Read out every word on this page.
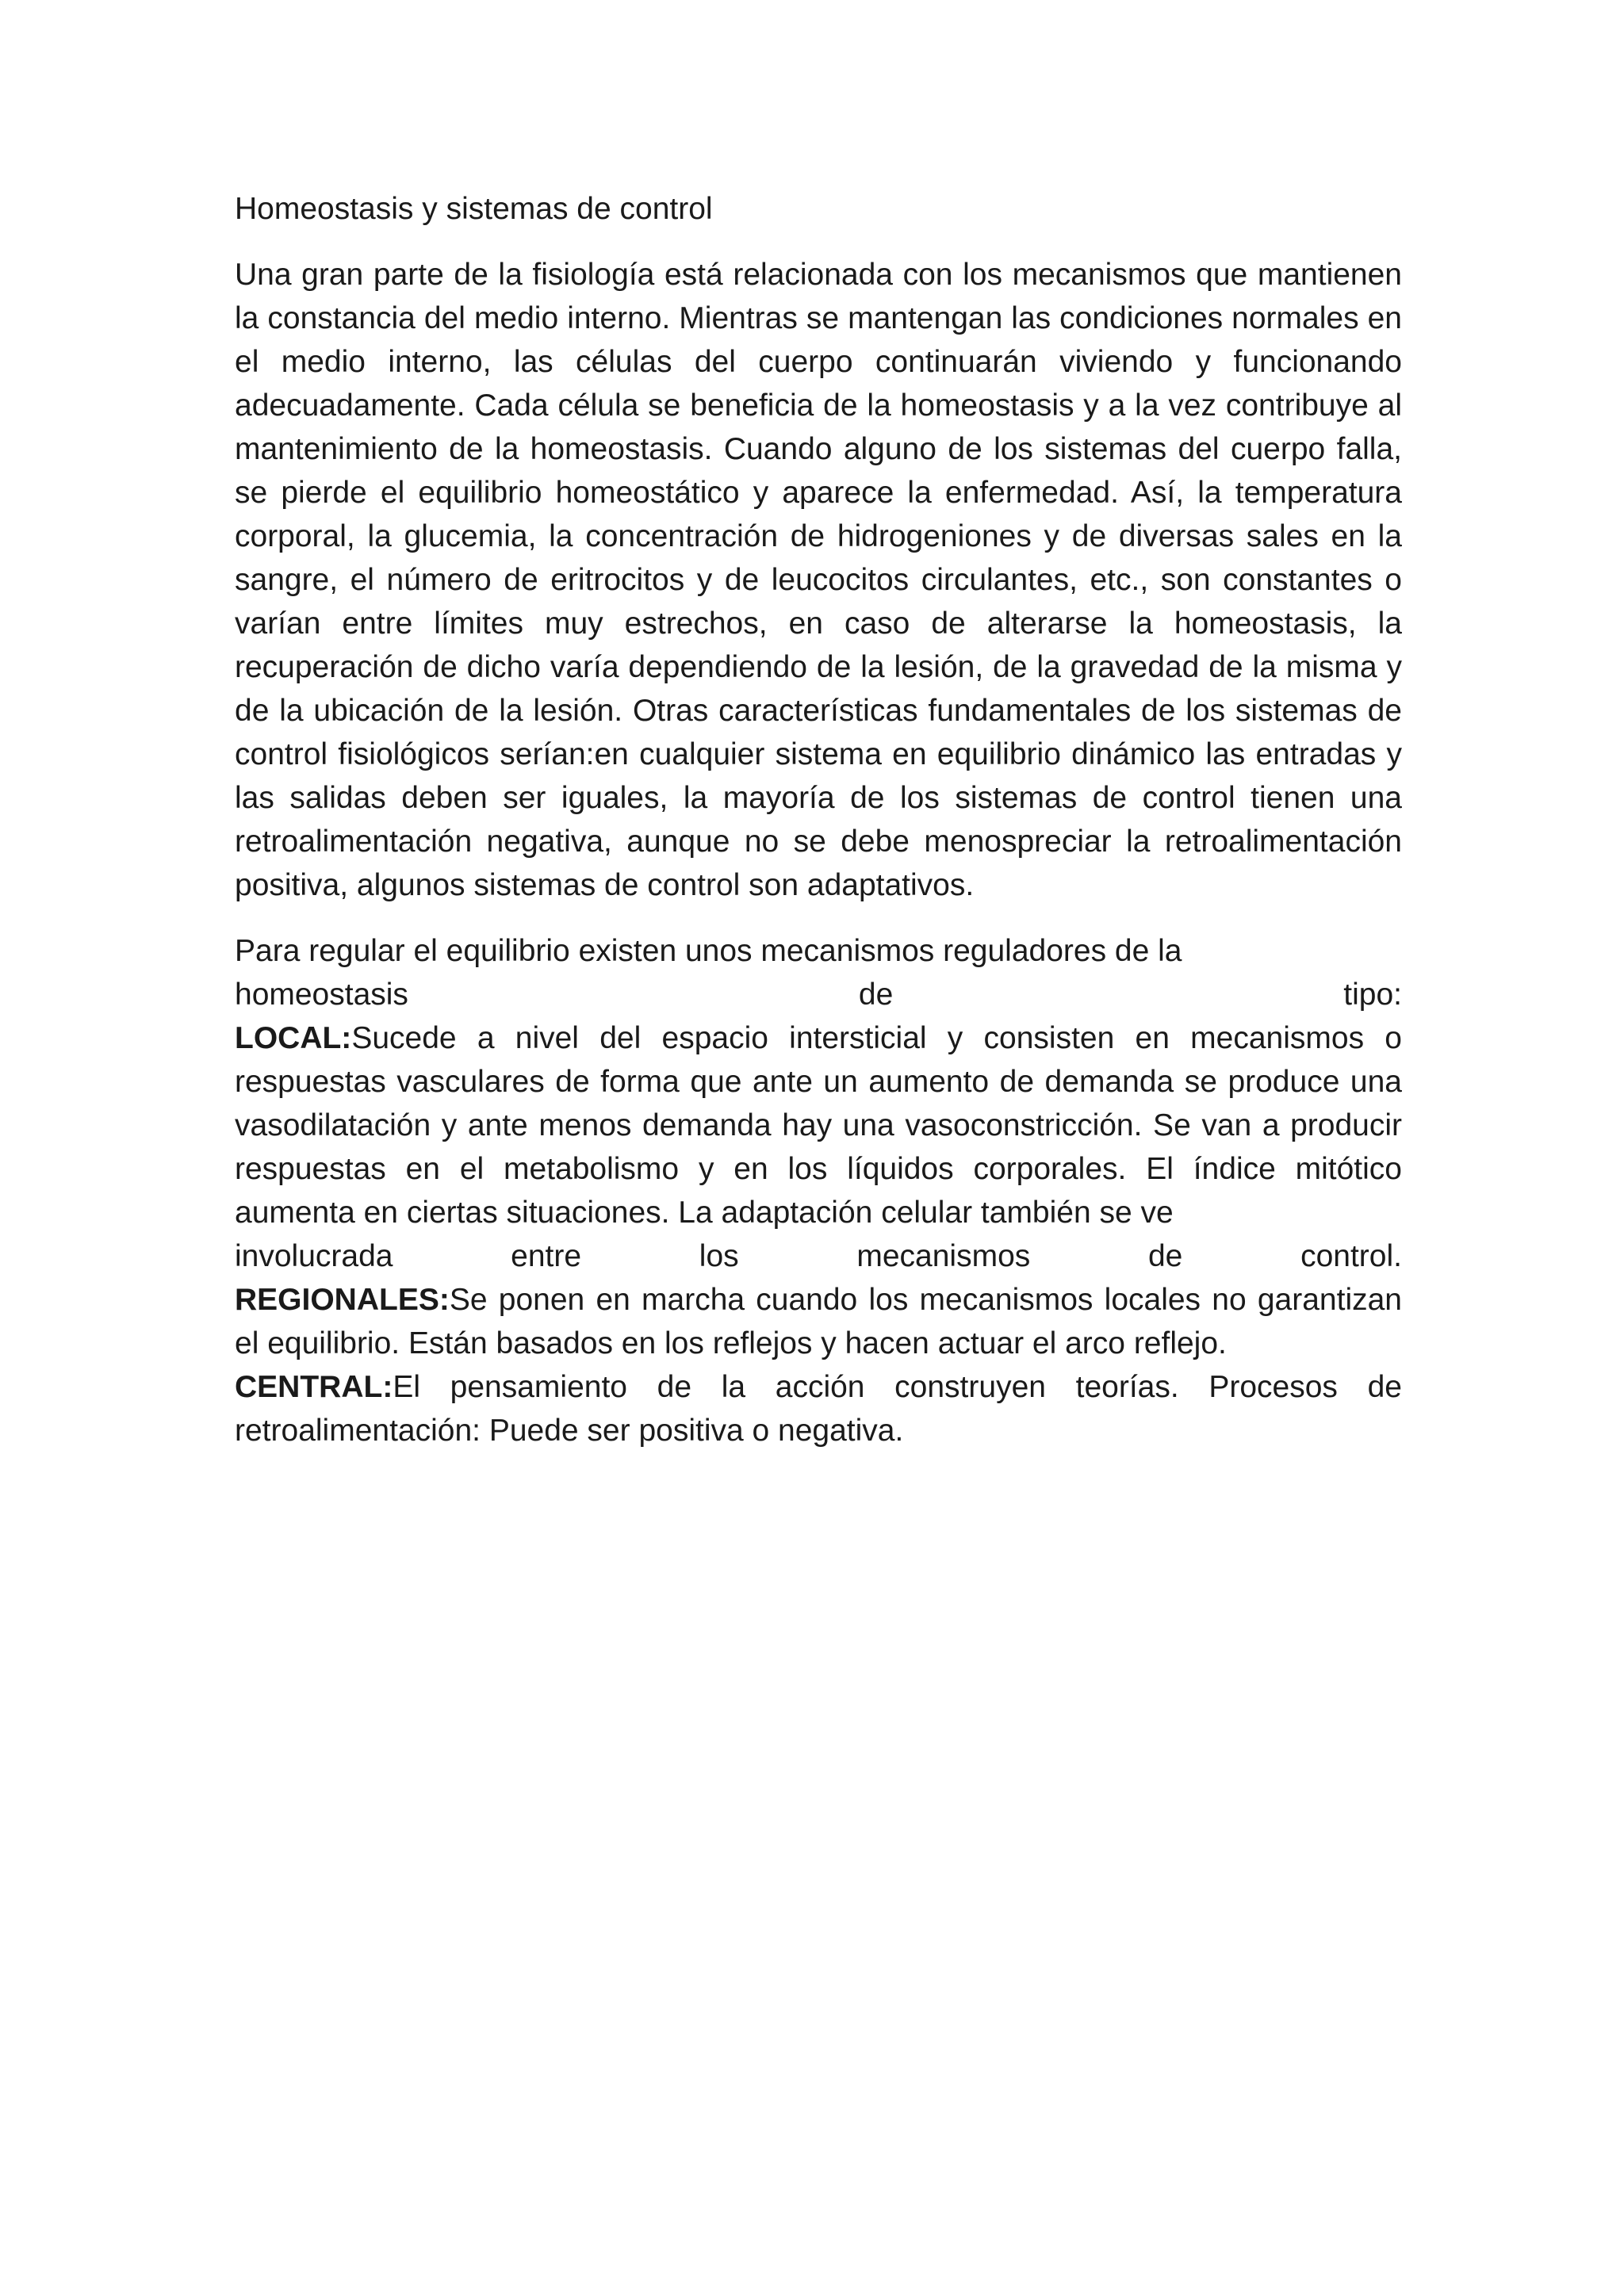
Homeostasis y sistemas de control

Una gran parte de la fisiología está relacionada con los mecanismos que mantienen la constancia del medio interno. Mientras se mantengan las condiciones normales en el medio interno, las células del cuerpo continuarán viviendo y funcionando adecuadamente. Cada célula se beneficia de la homeostasis y a la vez contribuye al mantenimiento de la homeostasis. Cuando alguno de los sistemas del cuerpo falla, se pierde el equilibrio homeostático y aparece la enfermedad. Así, la temperatura corporal, la glucemia, la concentración de hidrogeniones y de diversas sales en la sangre, el número de eritrocitos y de leucocitos circulantes, etc., son constantes o varían entre límites muy estrechos, en caso de alterarse la homeostasis, la recuperación de dicho varía dependiendo de la lesión, de la gravedad de la misma y de la ubicación de la lesión. Otras características fundamentales de los sistemas de control fisiológicos serían:en cualquier sistema en equilibrio dinámico las entradas y las salidas deben ser iguales, la mayoría de los sistemas de control tienen una retroalimentación negativa, aunque no se debe menospreciar la retroalimentación positiva, algunos sistemas de control son adaptativos.

Para regular el equilibrio existen unos mecanismos reguladores de la
homeostasis de tipo:
LOCAL:Sucede a nivel del espacio intersticial y consisten en mecanismos o respuestas vasculares de forma que ante un aumento de demanda se produce una vasodilatación y ante menos demanda hay una vasoconstricción. Se van a producir respuestas en el metabolismo y en los líquidos corporales. El índice mitótico aumenta en ciertas situaciones. La adaptación celular también se ve
involucrada entre los mecanismos de control.
REGIONALES:Se ponen en marcha cuando los mecanismos locales no garantizan el equilibrio. Están basados en los reflejos y hacen actuar el arco reflejo.
CENTRAL:El pensamiento de la acción construyen teorías. Procesos de retroalimentación: Puede ser positiva o negativa.
